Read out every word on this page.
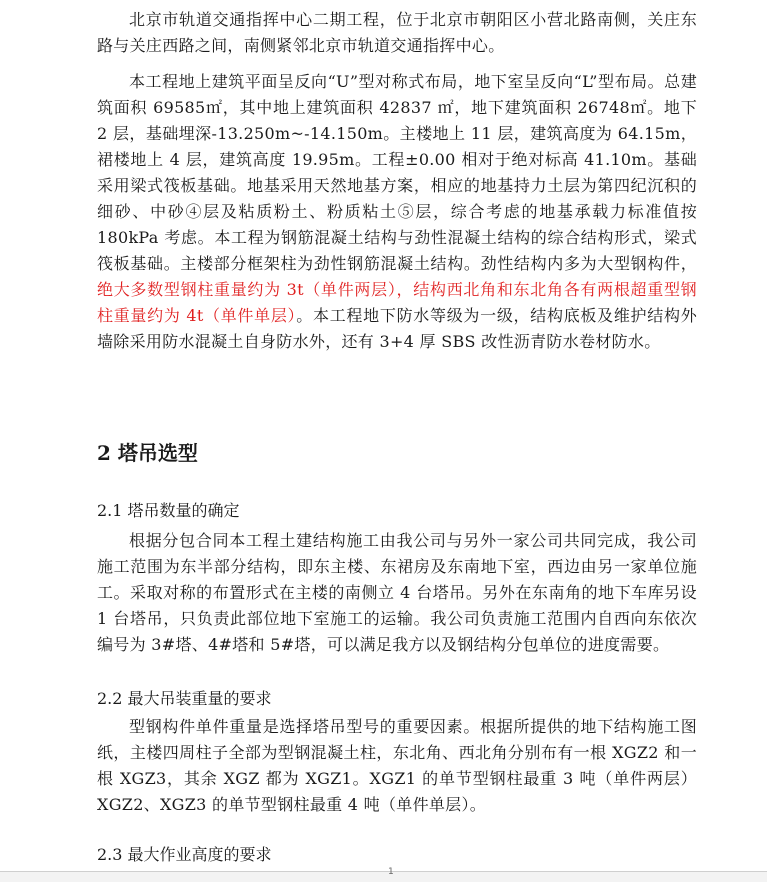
北京市轨道交通指挥中心二期工程，位于北京市朝阳区小营北路南侧，关庄东路与关庄西路之间，南侧紧邻北京市轨道交通指挥中心。

本工程地上建筑平面呈反向“U”型对称式布局，地下室呈反向“L”型布局。总建筑面积 69585㎡，其中地上建筑面积 42837 ㎡，地下建筑面积 26748㎡。地下 2 层，基础埋深-13.250m~-14.150m。主楼地上 11 层，建筑高度为 64.15m，裙楼地上 4 层，建筑高度 19.95m。工程±0.00 相对于绝对标高 41.10m。基础采用梁式筏板基础。地基采用天然地基方案，相应的地基持力土层为第四纪沉积的细砂、中砂④层及粘质粉土、粉质粘土⑤层，综合考虑的地基承载力标准值按 180kPa 考虑。本工程为钢筋混凝土结构与劲性混凝土结构的综合结构形式，梁式筏板基础。主楼部分框架柱为劲性钢筋混凝土结构。劲性结构内多为大型钢构件，绝大多数型钢柱重量约为 3t（单件两层），结构西北角和东北角各有两根超重型钢柱重量约为 4t（单件单层）。本工程地下防水等级为一级，结构底板及维护结构外墙除采用防水混凝土自身防水外，还有 3+4 厚 SBS 改性沥青防水卷材防水。

2 塔吊选型
2.1 塔吊数量的确定

根据分包合同本工程土建结构施工由我公司与另外一家公司共同完成，我公司施工范围为东半部分结构，即东主楼、东裙房及东南地下室，西边由另一家单位施工。采取对称的布置形式在主楼的南侧立 4 台塔吊。另外在东南角的地下车库另设 1 台塔吊，只负责此部位地下室施工的运输。我公司负责施工范围内自西向东依次编号为 3#塔、4#塔和 5#塔，可以满足我方以及钢结构分包单位的进度需要。

2.2 最大吊装重量的要求

型钢构件单件重量是选择塔吊型号的重要因素。根据所提供的地下结构施工图纸，主楼四周柱子全部为型钢混凝土柱，东北角、西北角分别布有一根 XGZ2 和一根 XGZ3，其余 XGZ 都为 XGZ1。XGZ1 的单节型钢柱最重 3 吨（单件两层）XGZ2、XGZ3 的单节型钢柱最重 4 吨（单件单层）。

2.3 最大作业高度的要求
1
